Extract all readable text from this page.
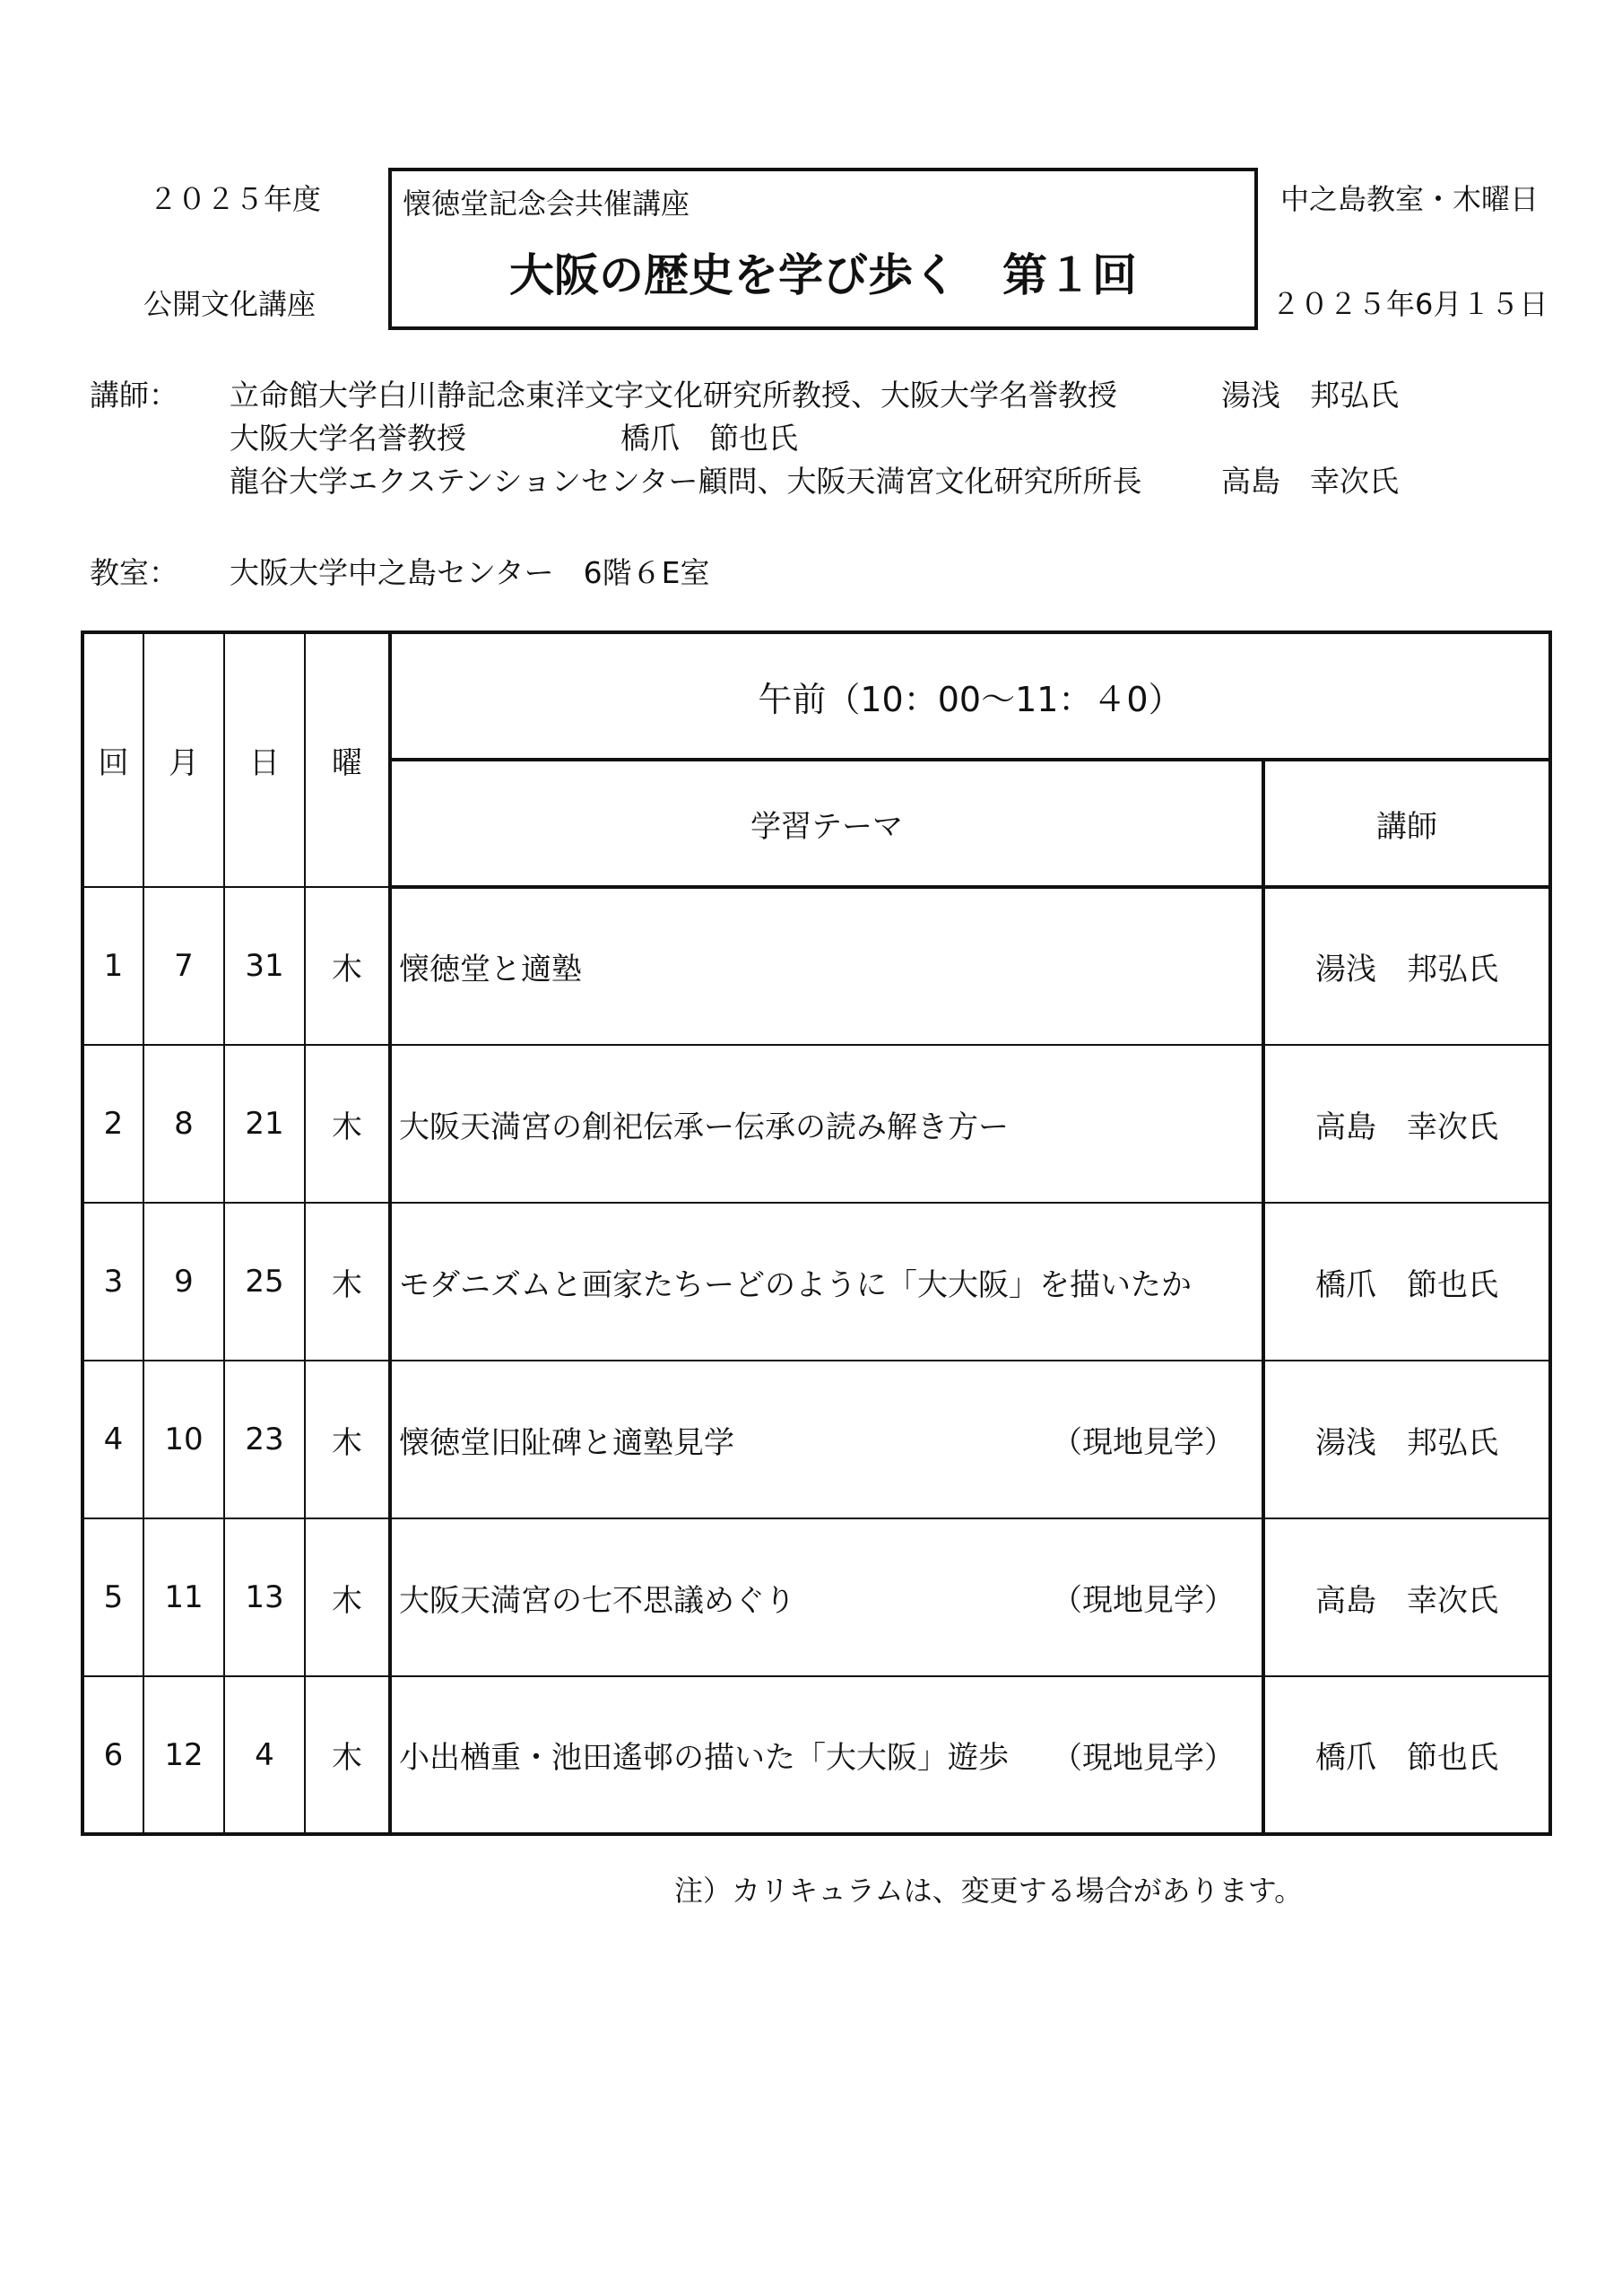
２０２５年度
公開文化講座
懐徳堂記念会共催講座
大阪の歴史を学び歩く　第１回
中之島教室・木曜日
２０２５年6月１５日
講師： 立命館大学白川静記念東洋文字文化研究所教授、大阪大学名誉教授	湯浅　邦弘氏
大阪大学名誉教授	橋爪　節也氏
龍谷大学エクステンションセンター顧問、大阪天満宮文化研究所所長	高島　幸次氏
教室： 大阪大学中之島センター　6階６E室
回	月	日	曜	午前（10：00～11：４0）	
				学習テーマ	講師
1	7	31	木	懐徳堂と適塾	湯浅　邦弘氏
2	8	21	木	大阪天満宮の創祀伝承ー伝承の読み解き方ー	高島　幸次氏
3	9	25	木	モダニズムと画家たちーどのように「大大阪」を描いたか	橋爪　節也氏
4	10	23	木	懐徳堂旧阯碑と適塾見学 （現地見学）	湯浅　邦弘氏
5	11	13	木	大阪天満宮の七不思議めぐり （現地見学）	高島　幸次氏
6	12	4	木	小出楢重・池田遙邨の描いた「大大阪」遊歩 （現地見学）	橋爪　節也氏
注）カリキュラムは、変更する場合があります。
